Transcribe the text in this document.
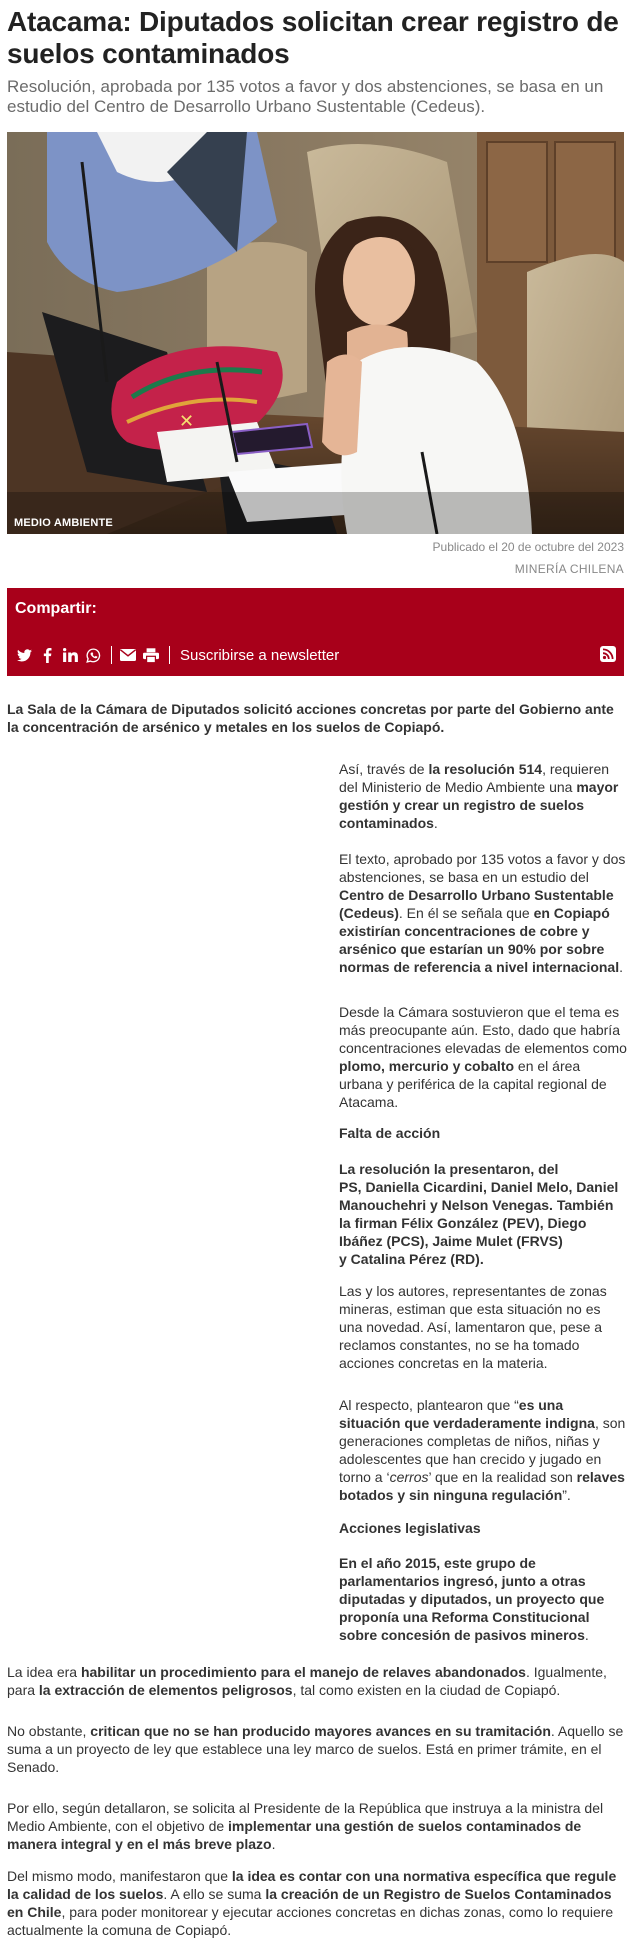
Atacama: Diputados solicitan crear registro de suelos contaminados

Resolución, aprobada por 135 votos a favor y dos abstenciones, se basa en un estudio del Centro de Desarrollo Urbano Sustentable (Cedeus).

✕
MEDIO AMBIENTE
Publicado el 20 de octubre del 2023
MINERÍA CHILENA
Compartir:
Suscribirse a newsletter

La Sala de la Cámara de Diputados solicitó acciones concretas por parte del Gobierno ante la concentración de arsénico y metales en los suelos de Copiapó.

Así, través de la resolución 514, requieren del Ministerio de Medio Ambiente una mayor gestión y crear un registro de suelos contaminados.

El texto, aprobado por 135 votos a favor y dos abstenciones, se basa en un estudio del Centro de Desarrollo Urbano Sustentable (Cedeus). En él se señala que en Copiapó existirían concentraciones de cobre y arsénico que estarían un 90% por sobre normas de referencia a nivel internacional.

Desde la Cámara sostuvieron que el tema es más preocupante aún. Esto, dado que habría concentraciones elevadas de elementos como plomo, mercurio y cobalto en el área urbana y periférica de la capital regional de Atacama.

Falta de acción

La resolución la presentaron, del

PS, Daniella Cicardini, Daniel Melo, Daniel Manouchehri y Nelson Venegas. También la firman Félix González (PEV), Diego Ibáñez (PCS), Jaime Mulet (FRVS)

y Catalina Pérez (RD).

Las y los autores, representantes de zonas mineras, estiman que esta situación no es una novedad. Así, lamentaron que, pese a reclamos constantes, no se ha tomado acciones concretas en la materia.

Al respecto, plantearon que “es una situación que verdaderamente indigna, son generaciones completas de niños, niñas y adolescentes que han crecido y jugado en torno a ‘cerros’ que en la realidad son relaves botados y sin ninguna regulación”.

Acciones legislativas

En el año 2015, este grupo de parlamentarios ingresó, junto a otras diputadas y diputados, un proyecto que proponía una Reforma Constitucional sobre concesión de pasivos mineros.

La idea era habilitar un procedimiento para el manejo de relaves abandonados. Igualmente, para la extracción de elementos peligrosos, tal como existen en la ciudad de Copiapó.

No obstante, critican que no se han producido mayores avances en su tramitación. Aquello se suma a un proyecto de ley que establece una ley marco de suelos. Está en primer trámite, en el Senado.

Por ello, según detallaron, se solicita al Presidente de la República que instruya a la ministra del Medio Ambiente, con el objetivo de implementar una gestión de suelos contaminados de manera integral y en el más breve plazo.

Del mismo modo, manifestaron que la idea es contar con una normativa específica que regule la calidad de los suelos. A ello se suma la creación de un Registro de Suelos Contaminados en Chile, para poder monitorear y ejecutar acciones concretas en dichas zonas, como lo requiere actualmente la comuna de Copiapó.
